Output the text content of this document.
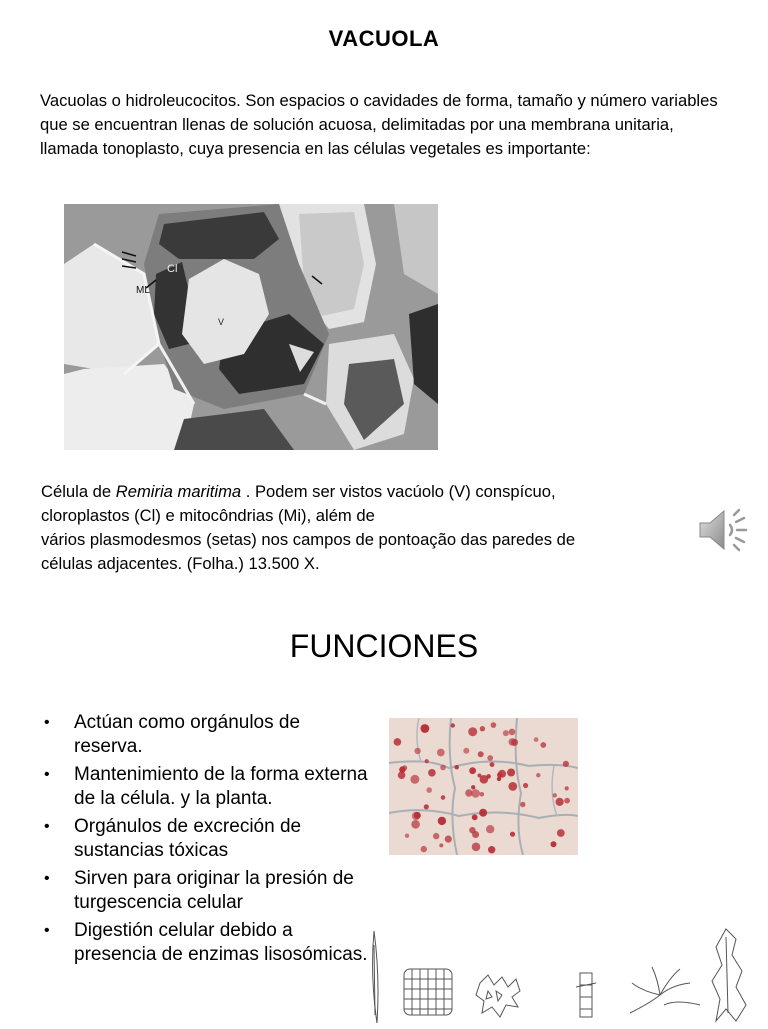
VACUOLA
Vacuolas o hidroleucocitos. Son espacios o cavidades de forma, tamaño y número variables que se encuentran llenas de solución acuosa, delimitadas por una membrana unitaria, llamada tonoplasto, cuya presencia en las células vegetales es importante:
Cl
ML
V
Célula de Remiria maritima . Podem ser vistos vacúolo (V) conspícuo,
cloroplastos (Cl) e mitocôndrias (Mi), além de
vários plasmodesmos (setas) nos campos de pontoação das paredes de
células adjacentes. (Folha.) 13.500 X.
FUNCIONES
• Actúan como orgánulos de reserva.
• Mantenimiento de la forma externa de la célula. y la planta.
• Orgánulos de excreción de sustancias tóxicas
• Sirven para originar la presión de turgescencia celular
• Digestión celular debido a presencia de enzimas lisosómicas.
